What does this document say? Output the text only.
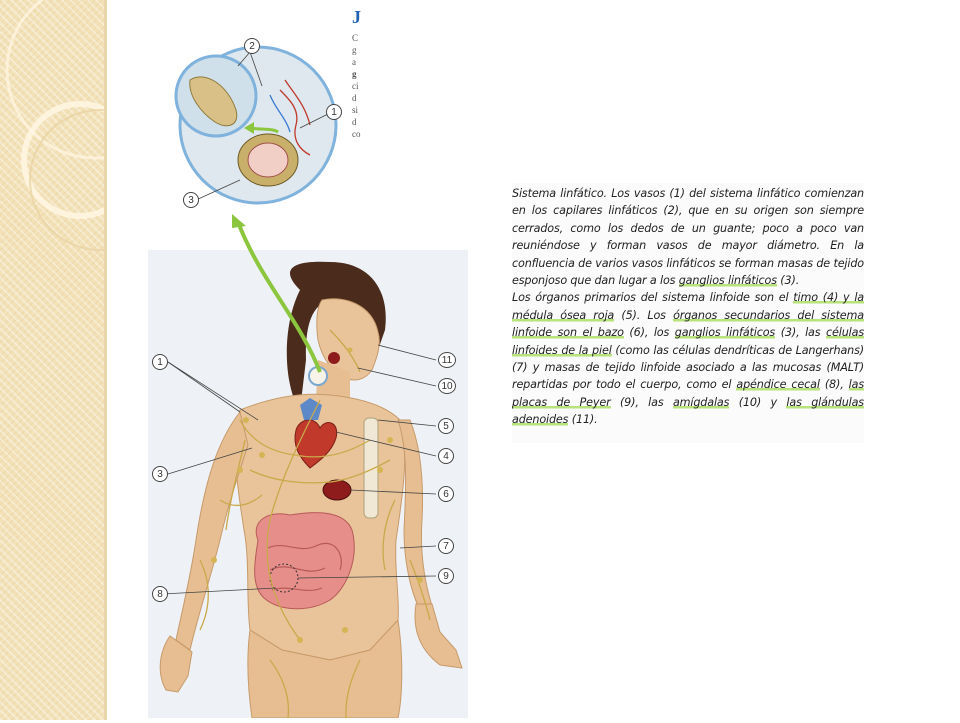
2
1
3
1
3
8
11
10
5
4
6
7
9
J
C
g
a
g
ci
d
si
d
co

Sistema linfático. Los vasos (1) del sistema linfático comienzan en los capilares linfáticos (2), que en su origen son siempre cerrados, como los dedos de un guante; poco a poco van reuniéndose y forman vasos de mayor diámetro. En la confluencia de varios vasos linfáticos se forman masas de tejido esponjoso que dan lugar a los ganglios linfáticos (3).

Los órganos primarios del sistema linfoide son el timo (4) y la médula ósea roja (5). Los órganos secundarios del sistema linfoide son el bazo (6), los ganglios linfáticos (3), las células linfoides de la piel (como las células dendríticas de Langerhans) (7) y masas de tejido linfoide asociado a las mucosas (MALT) repartidas por todo el cuerpo, como el apéndice cecal (8), las placas de Peyer (9), las amígdalas (10) y las glándulas adenoides (11).
